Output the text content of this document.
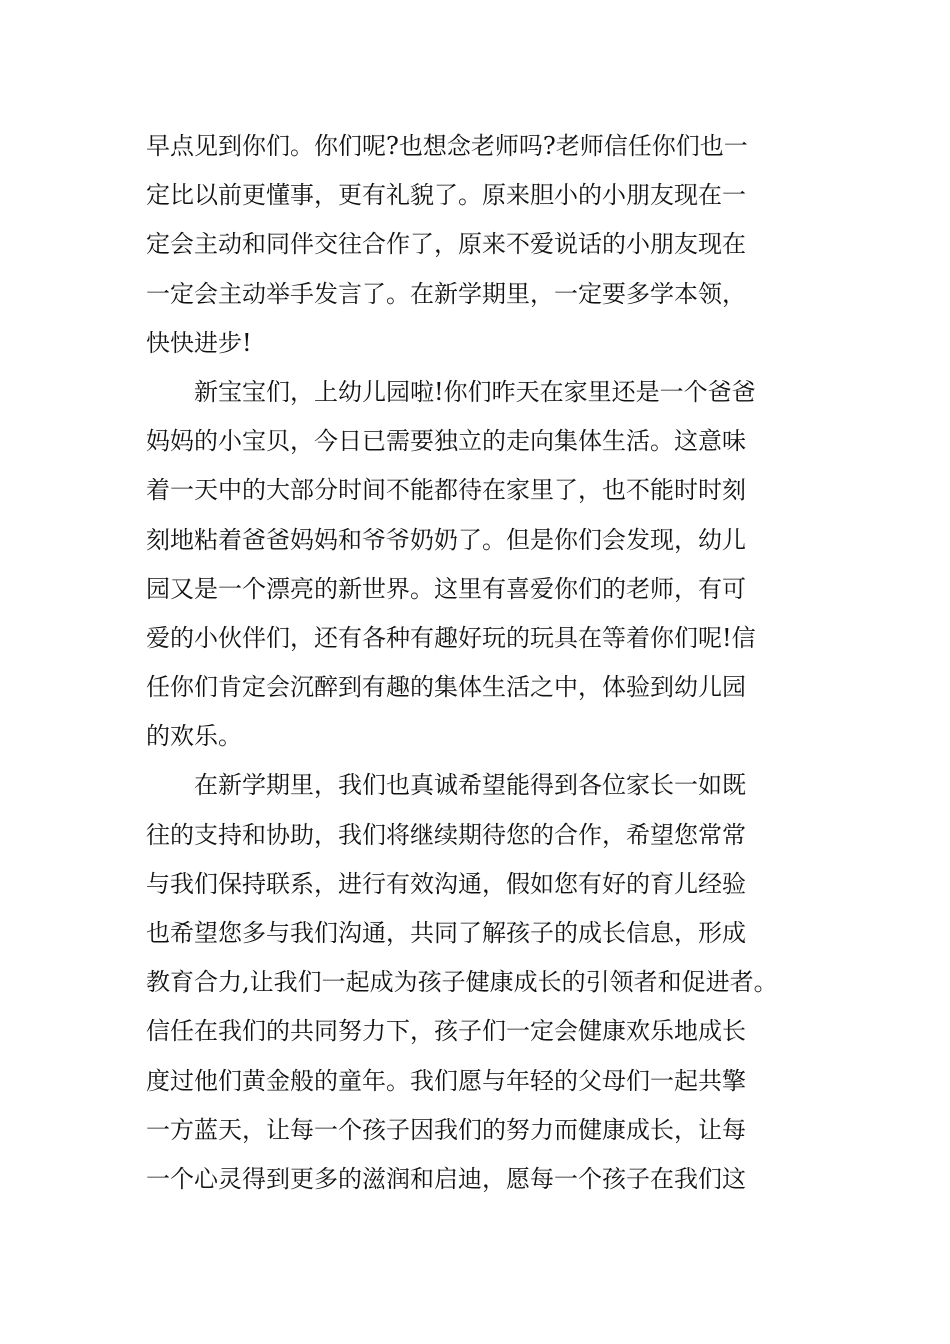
早点见到你们。你们呢?也想念老师吗?老师信任你们也一
定比以前更懂事，更有礼貌了。原来胆小的小朋友现在一
定会主动和同伴交往合作了，原来不爱说话的小朋友现在
一定会主动举手发言了。在新学期里，一定要多学本领，
快快进步!
　　新宝宝们，上幼儿园啦!你们昨天在家里还是一个爸爸
妈妈的小宝贝，今日已需要独立的走向集体生活。这意味
着一天中的大部分时间不能都待在家里了，也不能时时刻
刻地粘着爸爸妈妈和爷爷奶奶了。但是你们会发现，幼儿
园又是一个漂亮的新世界。这里有喜爱你们的老师，有可
爱的小伙伴们，还有各种有趣好玩的玩具在等着你们呢!信
任你们肯定会沉醉到有趣的集体生活之中，体验到幼儿园
的欢乐。
　　在新学期里，我们也真诚希望能得到各位家长一如既
往的支持和协助，我们将继续期待您的合作，希望您常常
与我们保持联系，进行有效沟通，假如您有好的育儿经验
也希望您多与我们沟通，共同了解孩子的成长信息，形成
教育合力,让我们一起成为孩子健康成长的引领者和促进者。
信任在我们的共同努力下，孩子们一定会健康欢乐地成长
度过他们黄金般的童年。我们愿与年轻的父母们一起共擎
一方蓝天，让每一个孩子因我们的努力而健康成长，让每
一个心灵得到更多的滋润和启迪，愿每一个孩子在我们这
